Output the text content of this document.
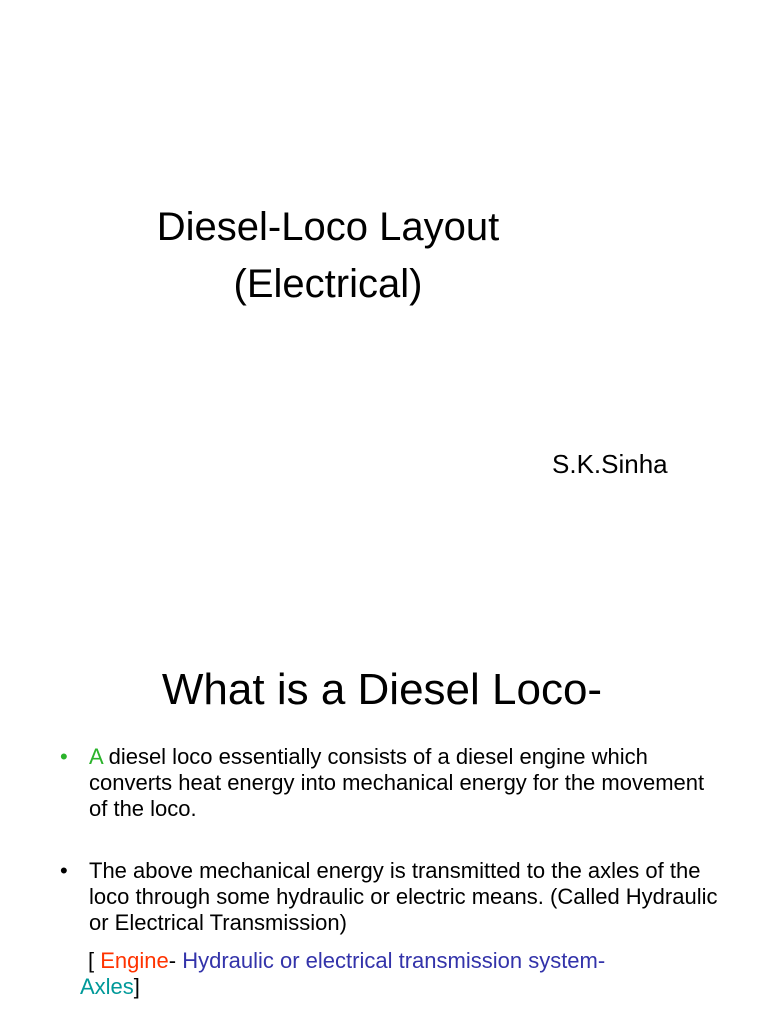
Diesel-Loco Layout
(Electrical)
S.K.Sinha
What is a Diesel Loco-
• A diesel loco essentially consists of a diesel engine which converts heat energy into mechanical energy for the movement of the loco.
• The above mechanical energy is transmitted to the axles of the loco through some hydraulic or electric means. (Called Hydraulic or Electrical Transmission)
[ Engine- Hydraulic or electrical transmission system-
Axles]
